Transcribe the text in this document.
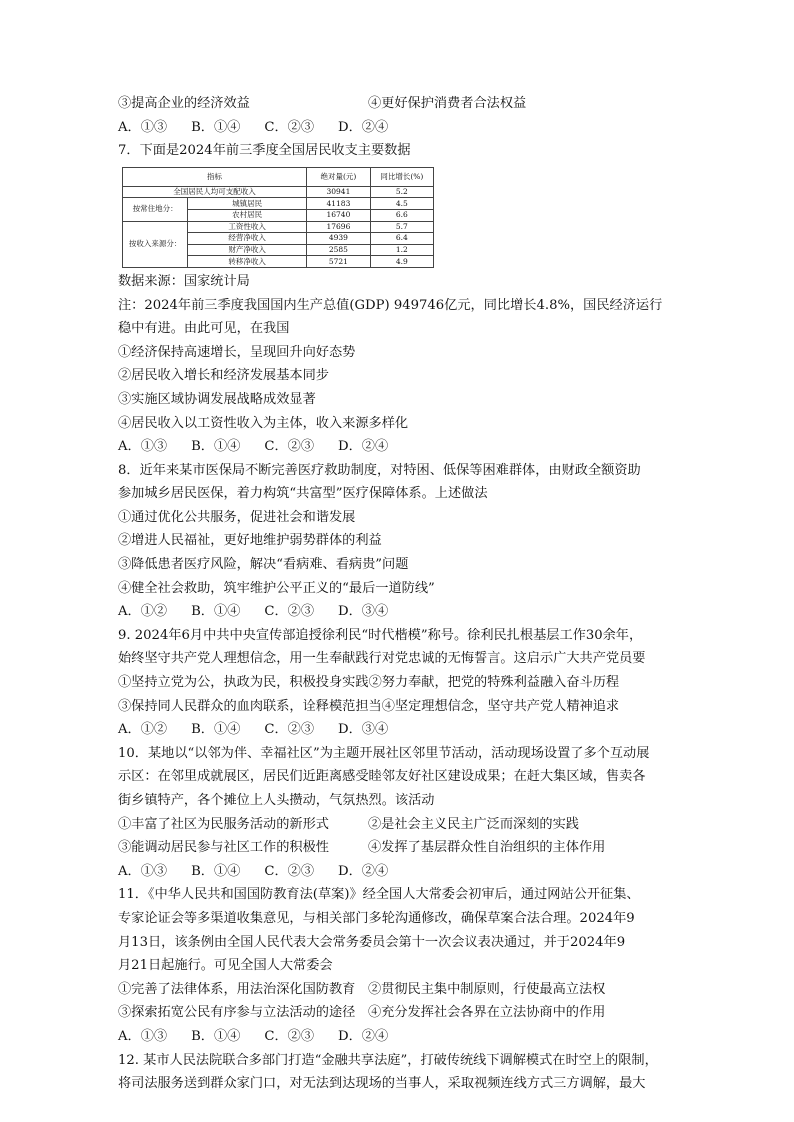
③提高企业的经济效益	④更好保护消费者合法权益
A．①③ B．①④ C．②③ D．②④
7．下面是2024年前三季度全国居民收支主要数据
指标		绝对量(元)	同比增长(%)
全国居民人均可支配收入		30941	5.2
按常住地分：	城镇居民	41183	4.5
	农村居民	16740	6.6
按收入来源分：	工资性收入	17696	5.7
	经营净收入	4939	6.4
	财产净收入	2585	1.2
	转移净收入	5721	4.9
数据来源：国家统计局
注：2024年前三季度我国国内生产总值(GDP) 949746亿元，同比增长4.8%，国民经济运行
稳中有进。由此可见，在我国
①经济保持高速增长，呈现回升向好态势
②居民收入增长和经济发展基本同步
③实施区域协调发展战略成效显著
④居民收入以工资性收入为主体，收入来源多样化
A．①③ B．①④ C．②③ D．②④
8．近年来某市医保局不断完善医疗救助制度，对特困、低保等困难群体，由财政全额资助
参加城乡居民医保，着力构筑“共富型”医疗保障体系。上述做法
①通过优化公共服务，促进社会和谐发展
②增进人民福祉，更好地维护弱势群体的利益
③降低患者医疗风险，解决“看病难、看病贵”问题
④健全社会救助，筑牢维护公平正义的“最后一道防线”
A．①② B．①④ C．②③ D．③④
9. 2024年6月中共中央宣传部追授徐利民“时代楷模”称号。徐利民扎根基层工作30余年，
始终坚守共产党人理想信念，用一生奉献践行对党忠诚的无悔誓言。这启示广大共产党员要
①坚持立党为公，执政为民，积极投身实践②努力奉献，把党的特殊利益融入奋斗历程
③保持同人民群众的血肉联系，诠释模范担当④坚定理想信念，坚守共产党人精神追求
A．①② B．①④ C．②③ D．③④
10．某地以“以邻为伴、幸福社区”为主题开展社区邻里节活动，活动现场设置了多个互动展
示区：在邻里成就展区，居民们近距离感受睦邻友好社区建设成果；在赶大集区域，售卖各
街乡镇特产，各个摊位上人头攒动，气氛热烈。该活动
①丰富了社区为民服务活动的新形式	②是社会主义民主广泛而深刻的实践
③能调动居民参与社区工作的积极性	④发挥了基层群众性自治组织的主体作用
A．①③ B．①④ C．②③ D．②④
11．《中华人民共和国国防教育法(草案)》经全国人大常委会初审后，通过网站公开征集、
专家论证会等多渠道收集意见，与相关部门多轮沟通修改，确保草案合法合理。2024年9
月13日，该条例由全国人民代表大会常务委员会第十一次会议表决通过，并于2024年9
月21日起施行。可见全国人大常委会
①完善了法律体系，用法治深化国防教育 ②贯彻民主集中制原则，行使最高立法权
③探索拓宽公民有序参与立法活动的途径 ④充分发挥社会各界在立法协商中的作用
A．①③ B．①④ C．②③ D．②④
12. 某市人民法院联合多部门打造“金融共享法庭”，打破传统线下调解模式在时空上的限制，
将司法服务送到群众家门口，对无法到达现场的当事人，采取视频连线方式三方调解，最大
